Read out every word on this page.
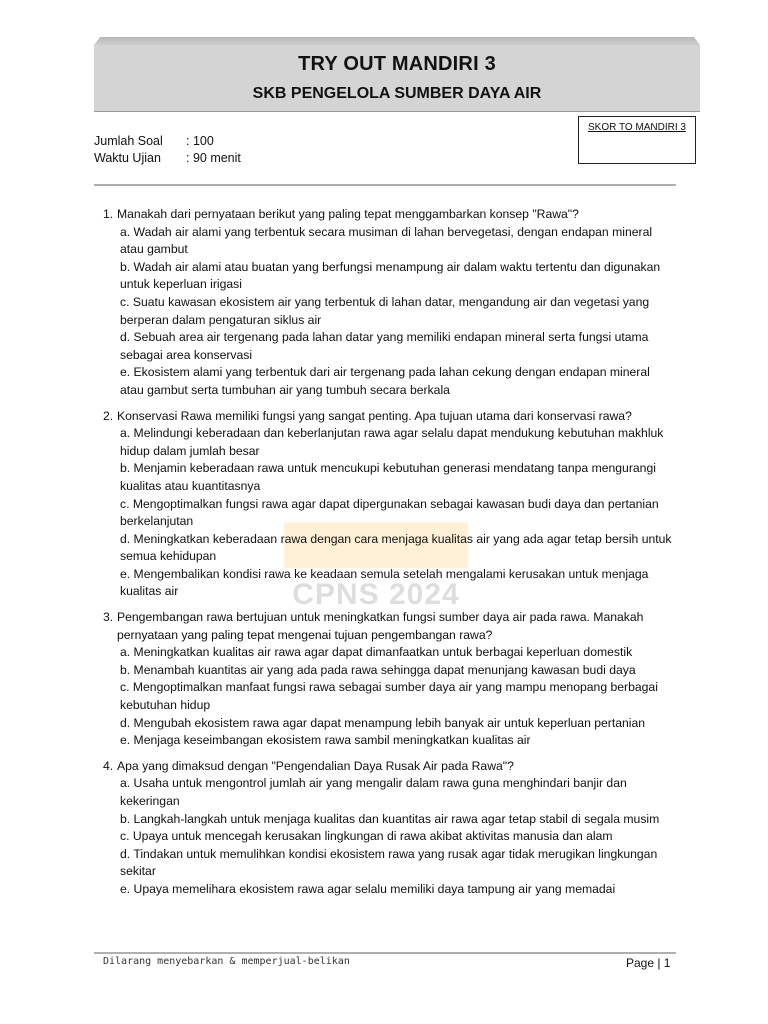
TRY OUT MANDIRI 3
SKB PENGELOLA SUMBER DAYA AIR
Jumlah Soal	: 100
Waktu Ujian	: 90 menit
SKOR TO MANDIRI 3
CPNS 2024
1. Manakah dari pernyataan berikut yang paling tepat menggambarkan konsep "Rawa"?
a. Wadah air alami yang terbentuk secara musiman di lahan bervegetasi, dengan endapan mineral atau gambut
b. Wadah air alami atau buatan yang berfungsi menampung air dalam waktu tertentu dan digunakan untuk keperluan irigasi
c. Suatu kawasan ekosistem air yang terbentuk di lahan datar, mengandung air dan vegetasi yang berperan dalam pengaturan siklus air
d. Sebuah area air tergenang pada lahan datar yang memiliki endapan mineral serta fungsi utama sebagai area konservasi
e. Ekosistem alami yang terbentuk dari air tergenang pada lahan cekung dengan endapan mineral atau gambut serta tumbuhan air yang tumbuh secara berkala
2. Konservasi Rawa memiliki fungsi yang sangat penting. Apa tujuan utama dari konservasi rawa?
a. Melindungi keberadaan dan keberlanjutan rawa agar selalu dapat mendukung kebutuhan makhluk hidup dalam jumlah besar
b. Menjamin keberadaan rawa untuk mencukupi kebutuhan generasi mendatang tanpa mengurangi kualitas atau kuantitasnya
c. Mengoptimalkan fungsi rawa agar dapat dipergunakan sebagai kawasan budi daya dan pertanian berkelanjutan
d. Meningkatkan keberadaan rawa dengan cara menjaga kualitas air yang ada agar tetap bersih untuk semua kehidupan
e. Mengembalikan kondisi rawa ke keadaan semula setelah mengalami kerusakan untuk menjaga kualitas air
3. Pengembangan rawa bertujuan untuk meningkatkan fungsi sumber daya air pada rawa. Manakah pernyataan yang paling tepat mengenai tujuan pengembangan rawa?
a. Meningkatkan kualitas air rawa agar dapat dimanfaatkan untuk berbagai keperluan domestik
b. Menambah kuantitas air yang ada pada rawa sehingga dapat menunjang kawasan budi daya
c. Mengoptimalkan manfaat fungsi rawa sebagai sumber daya air yang mampu menopang berbagai kebutuhan hidup
d. Mengubah ekosistem rawa agar dapat menampung lebih banyak air untuk keperluan pertanian
e. Menjaga keseimbangan ekosistem rawa sambil meningkatkan kualitas air
4. Apa yang dimaksud dengan "Pengendalian Daya Rusak Air pada Rawa"?
a. Usaha untuk mengontrol jumlah air yang mengalir dalam rawa guna menghindari banjir dan kekeringan
b. Langkah-langkah untuk menjaga kualitas dan kuantitas air rawa agar tetap stabil di segala musim
c. Upaya untuk mencegah kerusakan lingkungan di rawa akibat aktivitas manusia dan alam
d. Tindakan untuk memulihkan kondisi ekosistem rawa yang rusak agar tidak merugikan lingkungan sekitar
e. Upaya memelihara ekosistem rawa agar selalu memiliki daya tampung air yang memadai
Dilarang menyebarkan & memperjual-belikan	Page | 1
